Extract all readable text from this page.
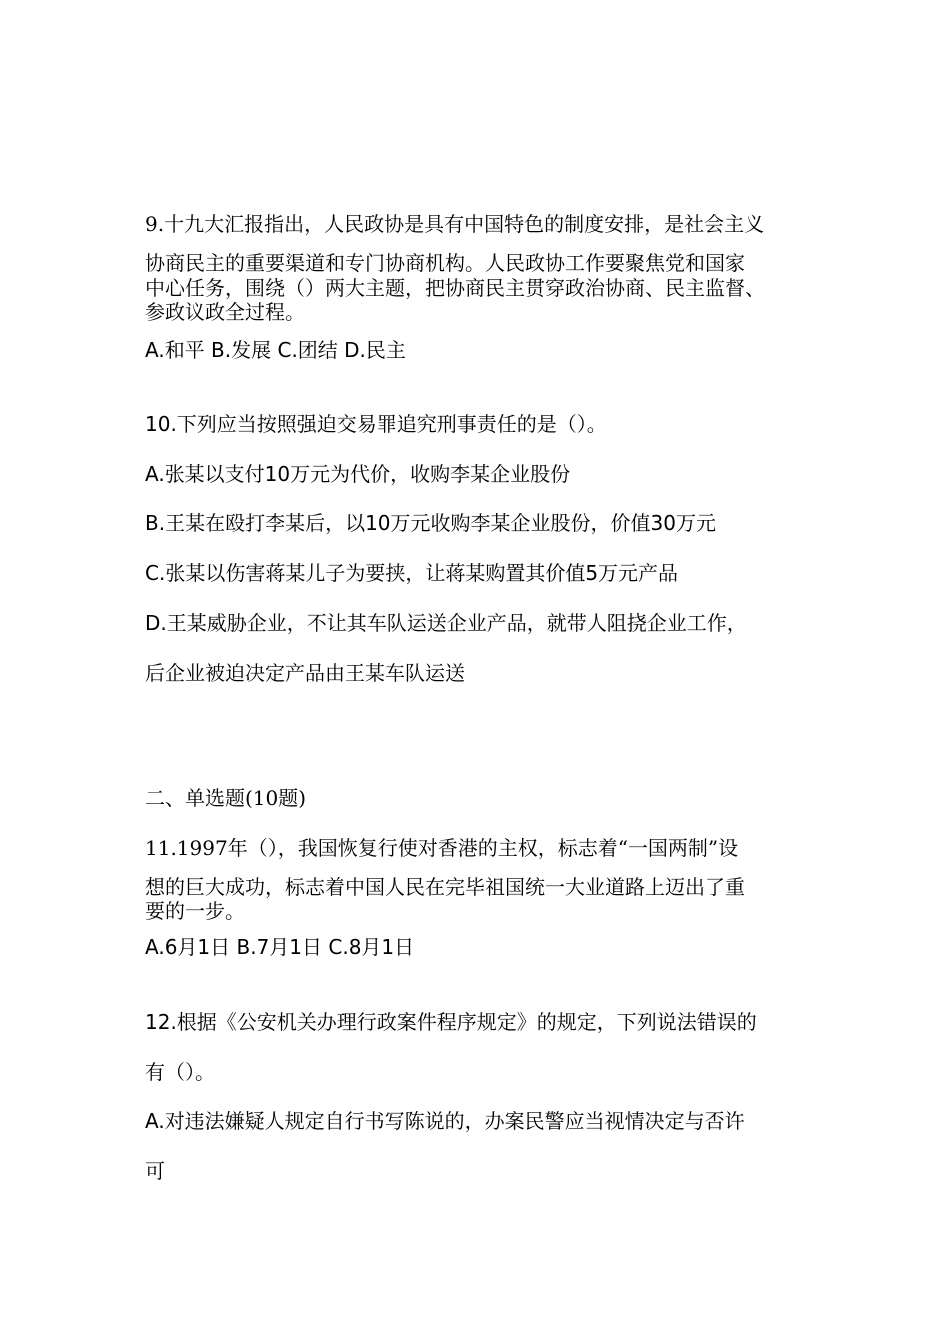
9.十九大汇报指出，人民政协是具有中国特色的制度安排，是社会主义
协商民主的重要渠道和专门协商机构。人民政协工作要聚焦党和国家
中心任务，围绕（）两大主题，把协商民主贯穿政治协商、民主监督、
参政议政全过程。
A.和平 B.发展 C.团结 D.民主
10.下列应当按照强迫交易罪追究刑事责任的是（）。
A.张某以支付10万元为代价，收购李某企业股份
B.王某在殴打李某后，以10万元收购李某企业股份，价值30万元
C.张某以伤害蒋某儿子为要挟，让蒋某购置其价值5万元产品
D.王某威胁企业，不让其车队运送企业产品，就带人阻挠企业工作，
后企业被迫决定产品由王某车队运送
二、单选题(10题)
11.1997年（），我国恢复行使对香港的主权，标志着“一国两制”设
想的巨大成功，标志着中国人民在完毕祖国统一大业道路上迈出了重
要的一步。
A.6月1日 B.7月1日 C.8月1日
12.根据《公安机关办理行政案件程序规定》的规定，下列说法错误的
有（）。
A.对违法嫌疑人规定自行书写陈说的，办案民警应当视情决定与否许
可
